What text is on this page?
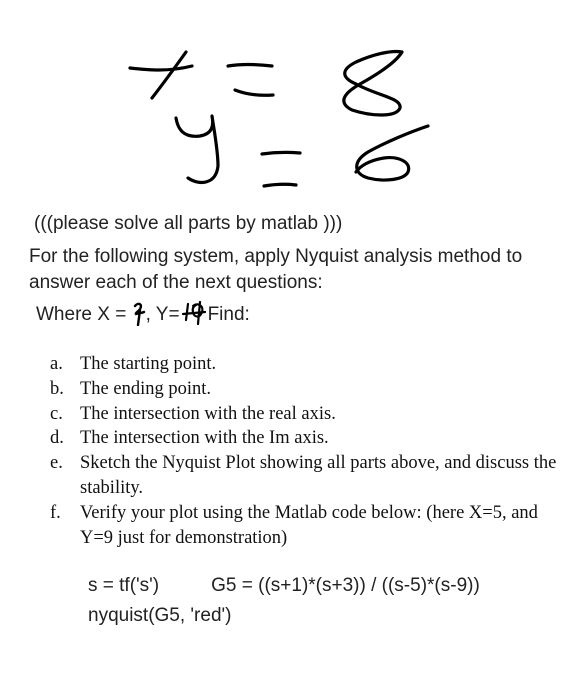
(((please solve all parts by matlab )))
For the following system, apply Nyquist analysis method to answer each of the next questions:
Where X = , Y= Find:
a. The starting point.
b. The ending point.
c. The intersection with the real axis.
d. The intersection with the Im axis.
e. Sketch the Nyquist Plot showing all parts above, and discuss the stability.
f. Verify your plot using the Matlab code below: (here X=5, and Y=9 just for demonstration)
s = tf('s')	G5 = ((s+1)*(s+3)) / ((s-5)*(s-9))
nyquist(G5, 'red')
